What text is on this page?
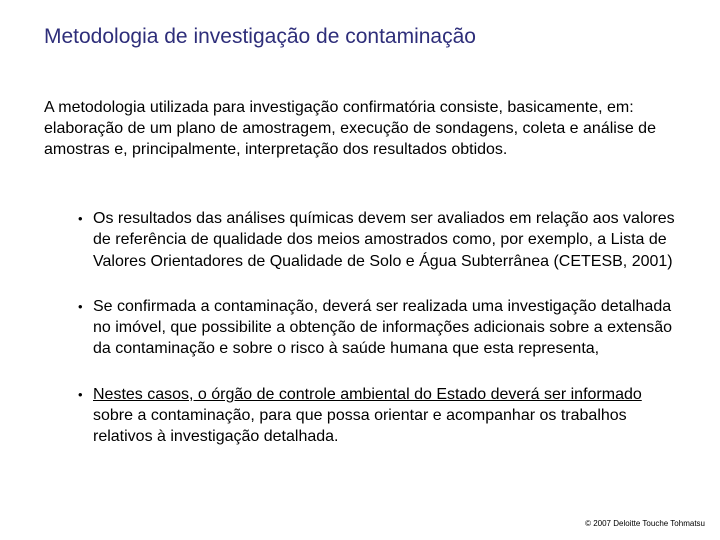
Metodologia de investigação de contaminação

A metodologia utilizada para investigação confirmatória consiste, basicamente, em: elaboração de um plano de amostragem, execução de sondagens, coleta e análise de amostras e, principalmente, interpretação dos resultados obtidos.

• Os resultados das análises químicas devem ser avaliados em relação aos valores de referência de qualidade dos meios amostrados como, por exemplo, a Lista de Valores Orientadores de Qualidade de Solo e Água Subterrânea (CETESB, 2001)
• Se confirmada a contaminação, deverá ser realizada uma investigação detalhada no imóvel, que possibilite a obtenção de informações adicionais sobre a extensão da contaminação e sobre o risco à saúde humana que esta representa,
• Nestes casos, o órgão de controle ambiental do Estado deverá ser informado sobre a contaminação, para que possa orientar e acompanhar os trabalhos relativos à investigação detalhada.
© 2007 Deloitte Touche Tohmatsu
